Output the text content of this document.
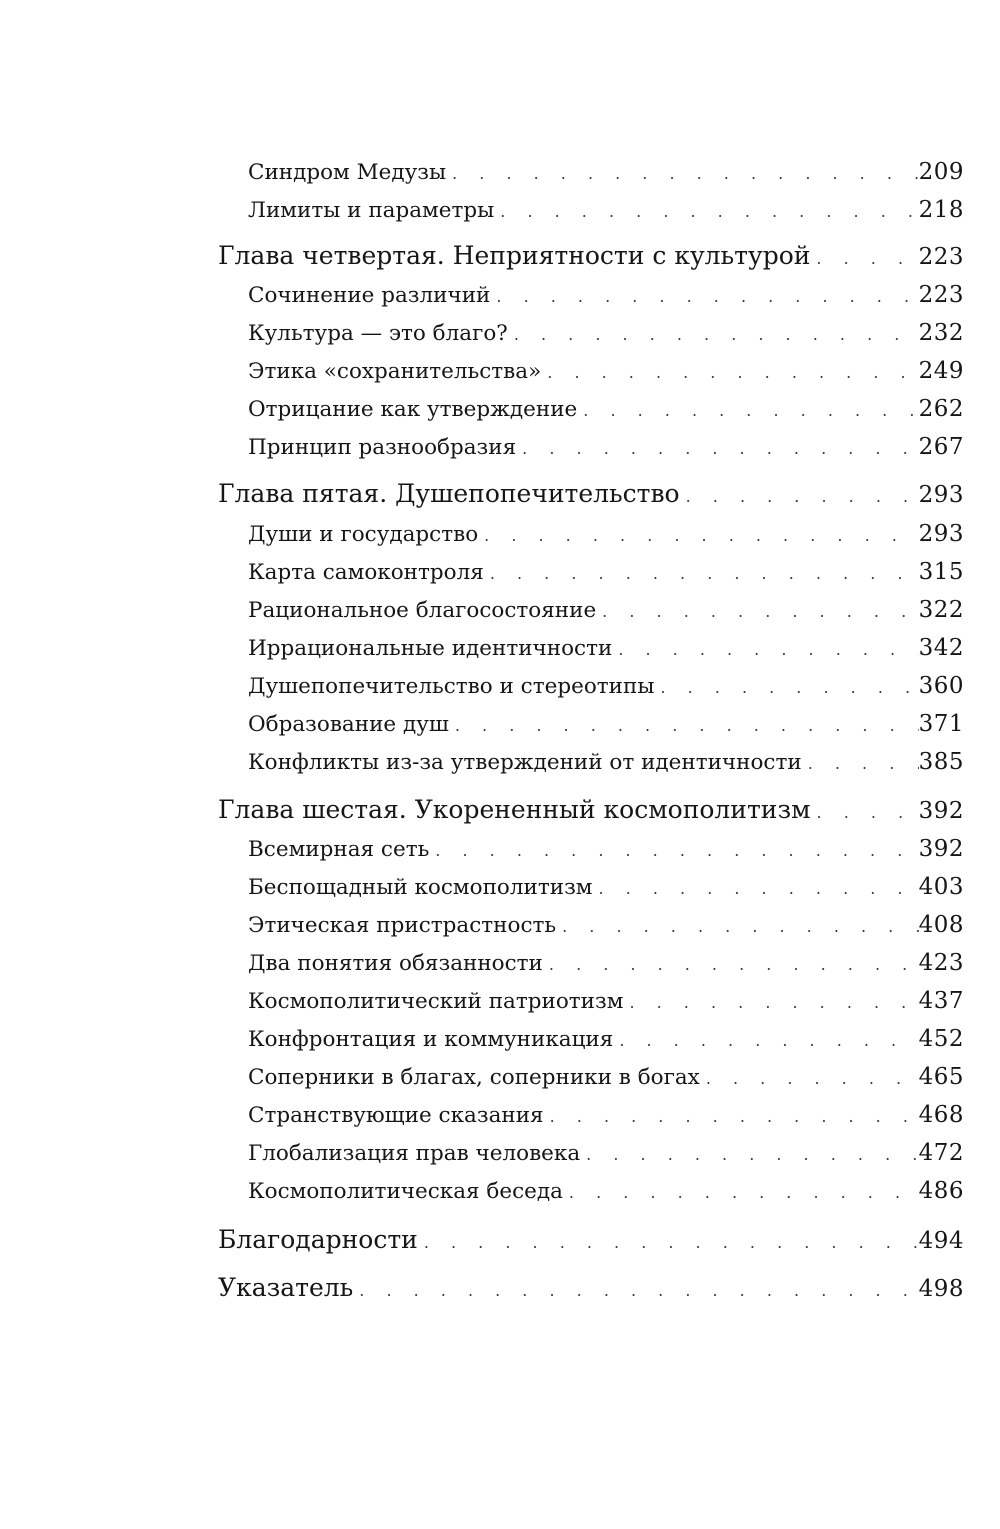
Синдром Медузы . . .	209
Лимиты и параметры . . .	218
Глава четвертая. Неприятности с культурой . . .	223
Сочинение различий . . .	223
Культура — это благо? . . .	232
Этика «сохранительства» . . .	249
Отрицание как утверждение . . .	262
Принцип разнообразия . . .	267
Глава пятая. Душепопечительство . . .	293
Души и государство . . .	293
Карта самоконтроля . . .	315
Рациональное благосостояние . . .	322
Иррациональные идентичности . . .	342
Душепопечительство и стереотипы . . .	360
Образование душ . . .	371
Конфликты из-за утверждений от идентичности . . .	385
Глава шестая. Укорененный космополитизм . . .	392
Всемирная сеть . . .	392
Беспощадный космополитизм . . .	403
Этическая пристрастность . . .	408
Два понятия обязанности . . .	423
Космополитический патриотизм . . .	437
Конфронтация и коммуникация . . .	452
Соперники в благах, соперники в богах . . .	465
Странствующие сказания . . .	468
Глобализация прав человека . . .	472
Космополитическая беседа . . .	486
Благодарности . . .	494
Указатель . . .	498
